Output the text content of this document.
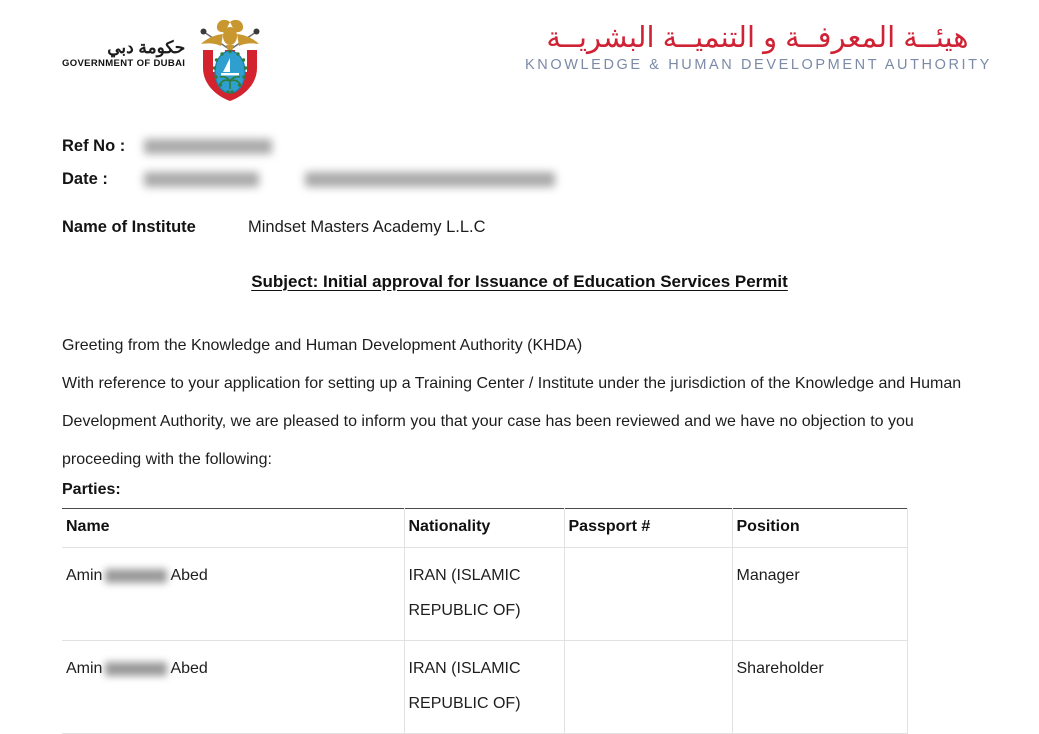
حكومة دبي
GOVERNMENT OF DUBAI
هيئــة المعرفــة و التنميــة البشريــة
KNOWLEDGE & HUMAN DEVELOPMENT AUTHORITY
Ref No :
Date :
Name of Institute	Mindset Masters Academy L.L.C
Subject: Initial approval for Issuance of Education Services Permit

Greeting from the Knowledge and Human Development Authority (KHDA)

With reference to your application for setting up a Training Center / Institute under the jurisdiction of the Knowledge and Human Development Authority, we are pleased to inform you that your case has been reviewed and we have no objection to you proceeding with the following:

Parties:
Name	Nationality	Passport #	Position
Amin Abed	IRAN (ISLAMIC REPUBLIC OF)		Manager
Amin Abed	IRAN (ISLAMIC REPUBLIC OF)		Shareholder
